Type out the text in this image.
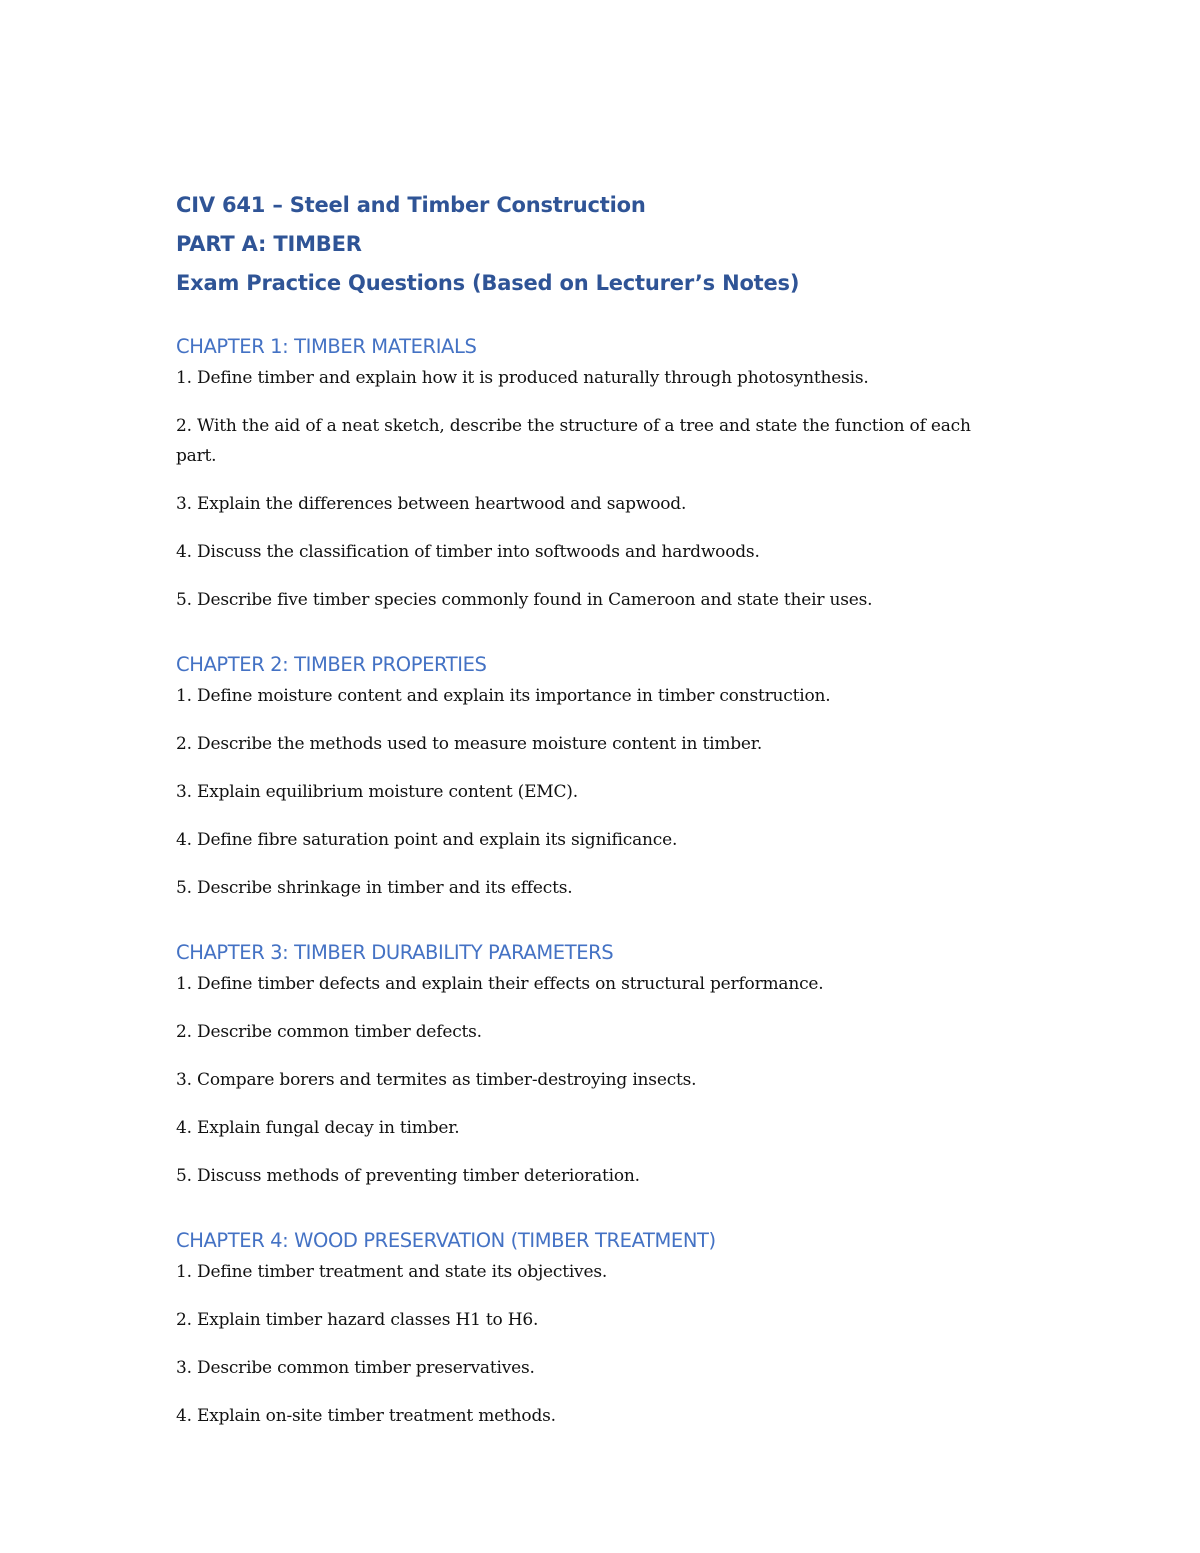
CIV 641 – Steel and Timber Construction
PART A: TIMBER
Exam Practice Questions (Based on Lecturer’s Notes)
CHAPTER 1: TIMBER MATERIALS
1. Define timber and explain how it is produced naturally through photosynthesis.
2. With the aid of a neat sketch, describe the structure of a tree and state the function of each part.
3. Explain the differences between heartwood and sapwood.
4. Discuss the classification of timber into softwoods and hardwoods.
5. Describe five timber species commonly found in Cameroon and state their uses.
CHAPTER 2: TIMBER PROPERTIES
1. Define moisture content and explain its importance in timber construction.
2. Describe the methods used to measure moisture content in timber.
3. Explain equilibrium moisture content (EMC).
4. Define fibre saturation point and explain its significance.
5. Describe shrinkage in timber and its effects.
CHAPTER 3: TIMBER DURABILITY PARAMETERS
1. Define timber defects and explain their effects on structural performance.
2. Describe common timber defects.
3. Compare borers and termites as timber-destroying insects.
4. Explain fungal decay in timber.
5. Discuss methods of preventing timber deterioration.
CHAPTER 4: WOOD PRESERVATION (TIMBER TREATMENT)
1. Define timber treatment and state its objectives.
2. Explain timber hazard classes H1 to H6.
3. Describe common timber preservatives.
4. Explain on-site timber treatment methods.
